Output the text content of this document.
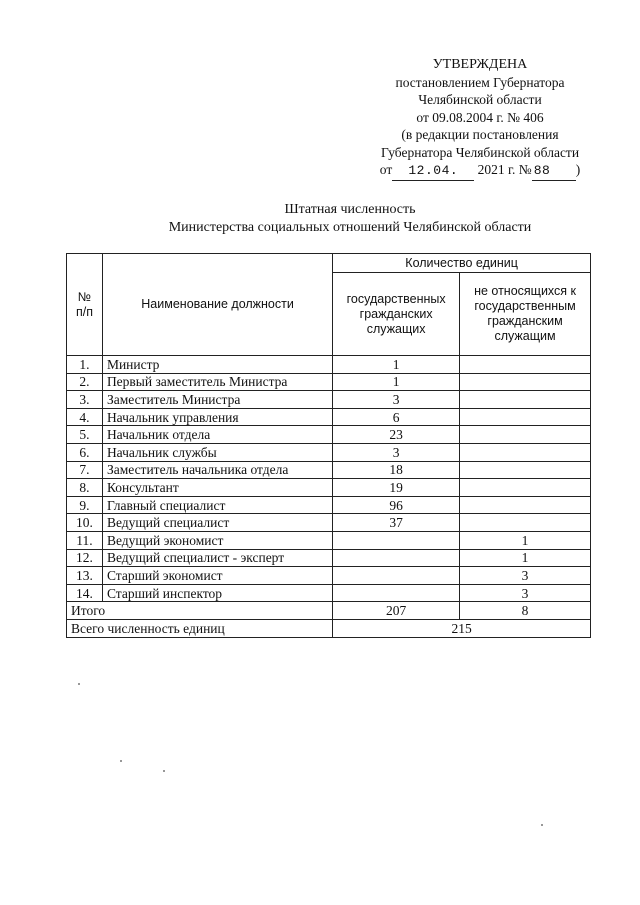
УТВЕРЖДЕНА
постановлением Губернатора
Челябинской области
от 09.08.2004 г. № 406
(в редакции постановления
Губернатора Челябинской области
от 12.04. 2021 г. № 88 )
Штатная численность
Министерства социальных отношений Челябинской области
№ п/п	Наименование должности	Количество единиц	
		государственных гражданских служащих	не относящихся к государственным гражданским служащим
1.	Министр	1	
2.	Первый заместитель Министра	1	
3.	Заместитель Министра	3	
4.	Начальник управления	6	
5.	Начальник отдела	23	
6.	Начальник службы	3	
7.	Заместитель начальника отдела	18	
8.	Консультант	19	
9.	Главный специалист	96	
10.	Ведущий специалист	37	
11.	Ведущий экономист		1
12.	Ведущий специалист - эксперт		1
13.	Старший экономист		3
14.	Старший инспектор		3
Итого		207	8
Всего численность единиц		215	
